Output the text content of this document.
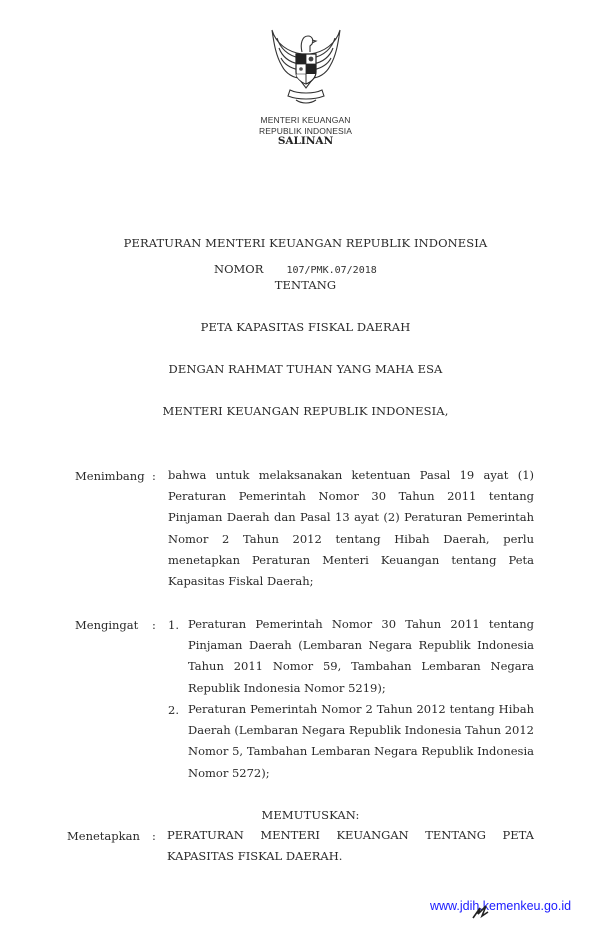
MENTERI KEUANGAN
REPUBLIK INDONESIA
SALINAN
PERATURAN MENTERI KEUANGAN REPUBLIK INDONESIA
NOMOR 107/PMK.07/2018
TENTANG
PETA KAPASITAS FISKAL DAERAH
DENGAN RAHMAT TUHAN YANG MAHA ESA
MENTERI KEUANGAN REPUBLIK INDONESIA,
Menimbang : bahwa untuk melaksanakan ketentuan Pasal 19 ayat (1)
Peraturan Pemerintah Nomor 30 Tahun 2011 tentang
Pinjaman Daerah dan Pasal 13 ayat (2) Peraturan Pemerintah
Nomor 2 Tahun 2012 tentang Hibah Daerah, perlu
menetapkan Peraturan Menteri Keuangan tentang Peta
Kapasitas Fiskal Daerah;
Mengingat : 1. Peraturan Pemerintah Nomor 30 Tahun 2011 tentang
Pinjaman Daerah (Lembaran Negara Republik Indonesia
Tahun 2011 Nomor 59, Tambahan Lembaran Negara
Republik Indonesia Nomor 5219);
2. Peraturan Pemerintah Nomor 2 Tahun 2012 tentang Hibah
Daerah (Lembaran Negara Republik Indonesia Tahun 2012
Nomor 5, Tambahan Lembaran Negara Republik Indonesia
Nomor 5272);
MEMUTUSKAN:
Menetapkan : PERATURAN MENTERI KEUANGAN TENTANG PETA
KAPASITAS FISKAL DAERAH.
www.jdih.kemenkeu.go.id
